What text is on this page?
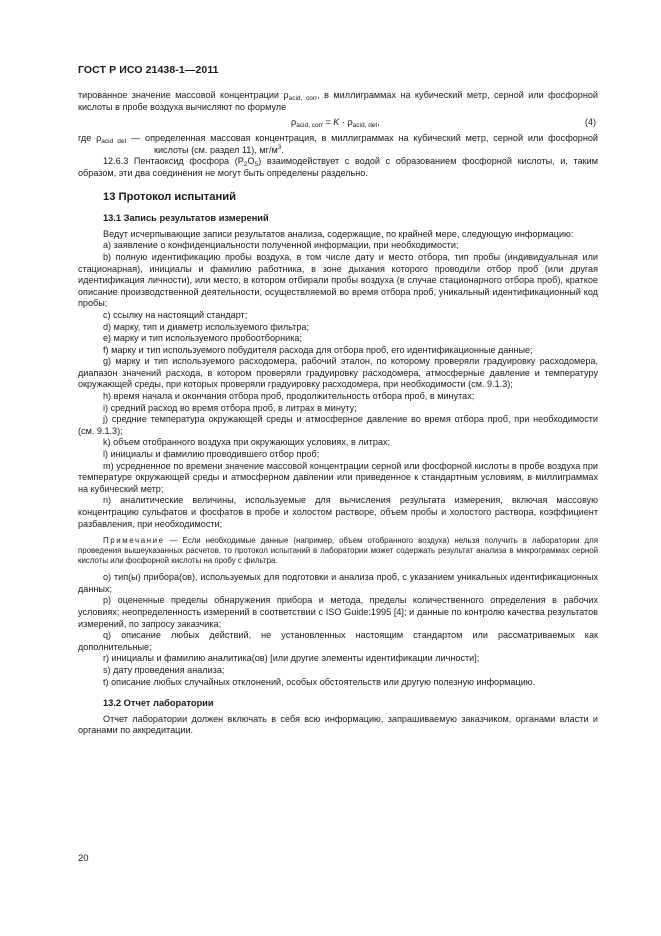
ГОСТ Р ИСО 21438-1—2011

тированное значение массовой концентрации $\rho_{acid, corr}$, в миллиграммах на кубический метр, серной или фосфорной кислоты в пробе воздуха вычисляют по формуле

$\rho_{acid, corr} = K \cdot \rho_{acid, det}$,	(4)

где $\rho_{acid det}$ — определенная массовая концентрация, в миллиграммах на кубический метр, серной или фосфорной кислоты (см. раздел 11), $мг/м^3$.

12.6.3 Пентаоксид фосфора $(P_2O_5)$ взаимодействует с водой с образованием фосфорной кислоты, и, таким образом, эти два соединения не могут быть определены раздельно.

13 Протокол испытаний
13.1 Запись результатов измерений

Ведут исчерпывающие записи результатов анализа, содержащие, по крайней мере, следующую информацию:

a) заявление о конфиденциальности полученной информации, при необходимости;

b) полную идентификацию пробы воздуха, в том числе дату и место отбора, тип пробы (индивидуальная или стационарная), инициалы и фамилию работника, в зоне дыхания которого проводили отбор проб (или другая идентификация личности), или место, в котором отбирали пробы воздуха (в случае стационарного отбора проб), краткое описание производственной деятельности, осуществляемой во время отбора проб, уникальный идентификационный код пробы;

c) ссылку на настоящий стандарт;

d) марку, тип и диаметр используемого фильтра;

e) марку и тип используемого пробоотборника;

f) марку и тип используемого побудителя расхода для отбора проб, его идентификационные данные;

g) марку и тип используемого расходомера, рабочий эталон, по которому проверяли градуировку расходомера, диапазон значений расхода, в котором проверяли градуировку расходомера, атмосферные давление и температуру окружающей среды, при которых проверяли градуировку расходомера, при необходимости (см. 9.1.3);

h) время начала и окончания отбора проб, продолжительность отбора проб, в минутах;

i) средний расход во время отбора проб, в литрах в минуту;

j) средние температура окружающей среды и атмосферное давление во время отбора проб, при необходимости (см. 9.1.3);

k) объем отобранного воздуха при окружающих условиях, в литрах;

l) инициалы и фамилию проводившего отбор проб;

m) усредненное по времени значение массовой концентрации серной или фосфорной кислоты в пробе воздуха при температуре окружающей среды и атмосферном давлении или приведенное к стандартным условиям, в миллиграммах на кубический метр;

n) аналитические величины, используемые для вычисления результата измерения, включая массовую концентрацию сульфатов и фосфатов в пробе и холостом растворе, объем пробы и холостого раствора, коэффициент разбавления, при необходимости;

Примечание — Если необходимые данные (например, объем отобранного воздуха) нельзя получить в лаборатории для проведения вышеуказанных расчетов, то протокол испытаний в лаборатории может содержать результат анализа в микрограммах серной кислоты или фосфорной кислоты на пробу с фильтра.

o) тип(ы) прибора(ов), используемых для подготовки и анализа проб, с указанием уникальных идентификационных данных;

p) оцененные пределы обнаружения прибора и метода, пределы количественного определения в рабочих условиях; неопределенность измерений в соответствии с ISO Guide:1995 [4]; и данные по контролю качества результатов измерений, по запросу заказчика;

q) описание любых действий, не установленных настоящим стандартом или рассматриваемых как дополнительные;

r) инициалы и фамилию аналитика(ов) [или другие элементы идентификации личности];

s) дату проведения анализа;

t) описание любых случайных отклонений, особых обстоятельств или другую полезную информацию.

13.2 Отчет лаборатории

Отчет лаборатории должен включать в себя всю информацию, запрашиваемую заказчиком, органами власти и органами по аккредитации.

20
